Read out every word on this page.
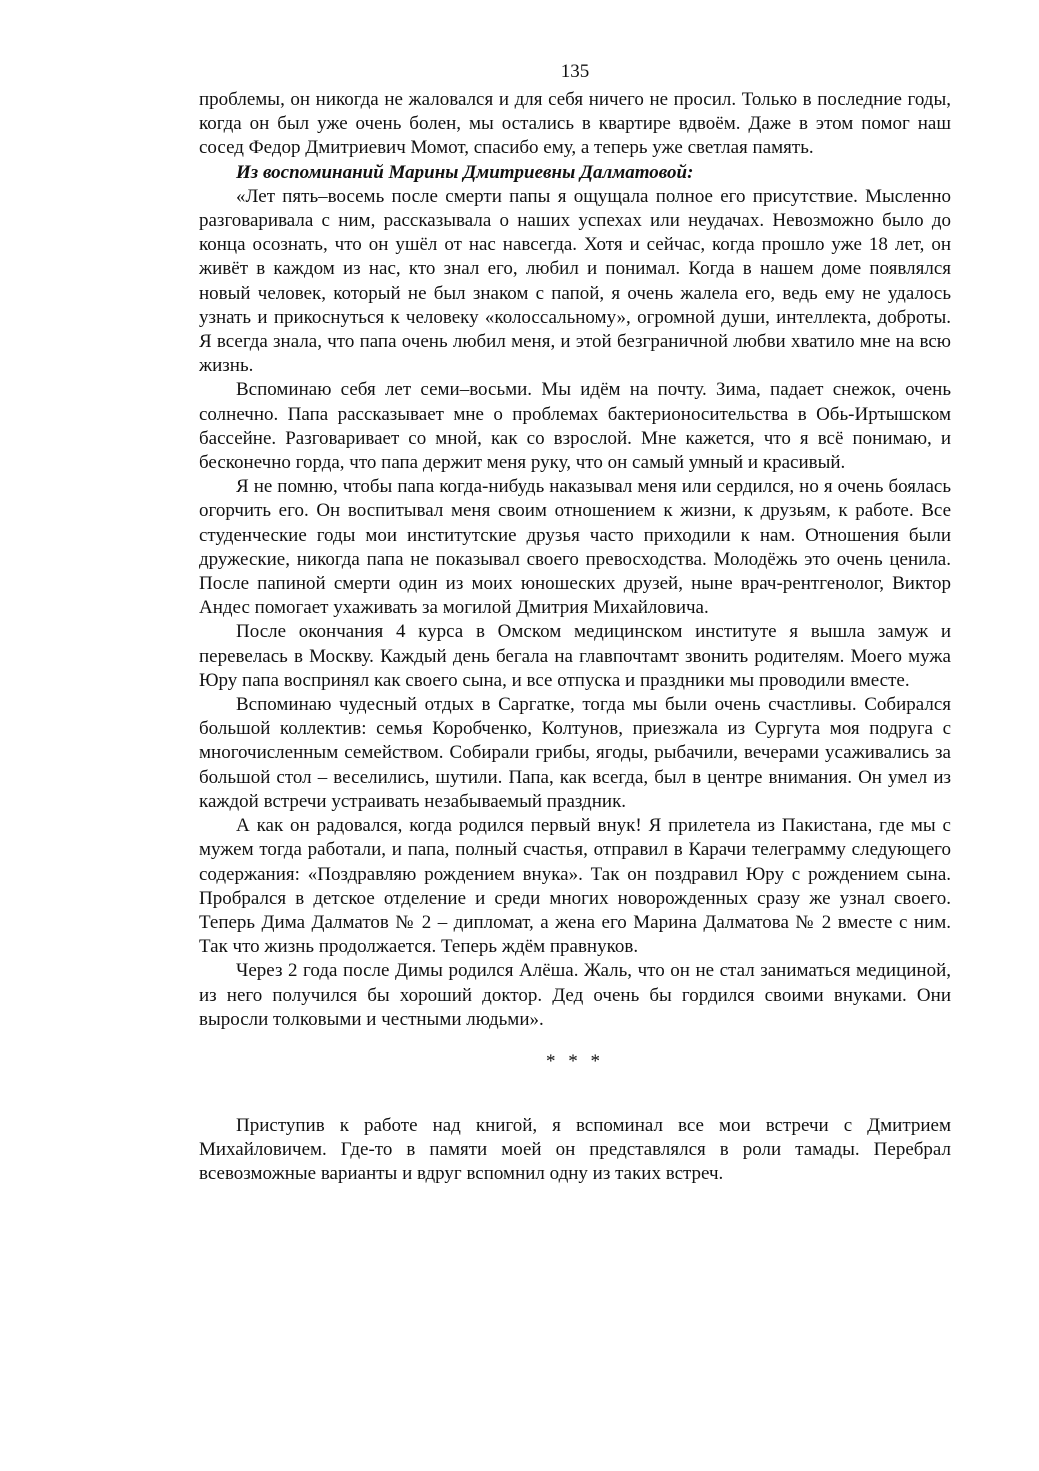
135

проблемы, он никогда не жаловался и для себя ничего не просил. Только в последние годы, когда он был уже очень болен, мы остались в квартире вдвоём. Даже в этом помог наш сосед Федор Дмитриевич Момот, спасибо ему, а теперь уже светлая память.

Из воспоминаний Марины Дмитриевны Далматовой:

«Лет пять–восемь после смерти папы я ощущала полное его присутствие. Мысленно разговаривала с ним, рассказывала о наших успехах или неудачах. Невозможно было до конца осознать, что он ушёл от нас навсегда. Хотя и сейчас, когда прошло уже 18 лет, он живёт в каждом из нас, кто знал его, любил и понимал. Когда в нашем доме появлялся новый человек, который не был знаком с папой, я очень жалела его, ведь ему не удалось узнать и прикоснуться к человеку «колоссальному», огромной души, интеллекта, доброты. Я всегда знала, что папа очень любил меня, и этой безграничной любви хватило мне на всю жизнь.

Вспоминаю себя лет семи–восьми. Мы идём на почту. Зима, падает снежок, очень солнечно. Папа рассказывает мне о проблемах бактерионосительства в Обь-Иртышском бассейне. Разговаривает со мной, как со взрослой. Мне кажется, что я всё понимаю, и бесконечно горда, что папа держит меня руку, что он самый умный и красивый.

Я не помню, чтобы папа когда-нибудь наказывал меня или сердился, но я очень боялась огорчить его. Он воспитывал меня своим отношением к жизни, к друзьям, к работе. Все студенческие годы мои институтские друзья часто приходили к нам. Отношения были дружеские, никогда папа не показывал своего превосходства. Молодёжь это очень ценила. После папиной смерти один из моих юношеских друзей, ныне врач-рентгенолог, Виктор Андес помогает ухаживать за могилой Дмитрия Михайловича.

После окончания 4 курса в Омском медицинском институте я вышла замуж и перевелась в Москву. Каждый день бегала на главпочтамт звонить родителям. Моего мужа Юру папа воспринял как своего сына, и все отпуска и праздники мы проводили вместе.

Вспоминаю чудесный отдых в Саргатке, тогда мы были очень счастливы. Собирался большой коллектив: семья Коробченко, Колтунов, приезжала из Сургута моя подруга с многочисленным семейством. Собирали грибы, ягоды, рыбачили, вечерами усаживались за большой стол – веселились, шутили. Папа, как всегда, был в центре внимания. Он умел из каждой встречи устраивать незабываемый праздник.

А как он радовался, когда родился первый внук! Я прилетела из Пакистана, где мы с мужем тогда работали, и папа, полный счастья, отправил в Карачи телеграмму следующего содержания: «Поздравляю рождением внука». Так он поздравил Юру с рождением сына. Пробрался в детское отделение и среди многих новорожденных сразу же узнал своего. Теперь Дима Далматов № 2 – дипломат, а жена его Марина Далматова № 2 вместе с ним. Так что жизнь продолжается. Теперь ждём правнуков.

Через 2 года после Димы родился Алёша. Жаль, что он не стал заниматься медициной, из него получился бы хороший доктор. Дед очень бы гордился своими внуками. Они выросли толковыми и честными людьми».

* * *

Приступив к работе над книгой, я вспоминал все мои встречи с Дмитрием Михайловичем. Где-то в памяти моей он представлялся в роли тамады. Перебрал всевозможные варианты и вдруг вспомнил одну из таких встреч.
